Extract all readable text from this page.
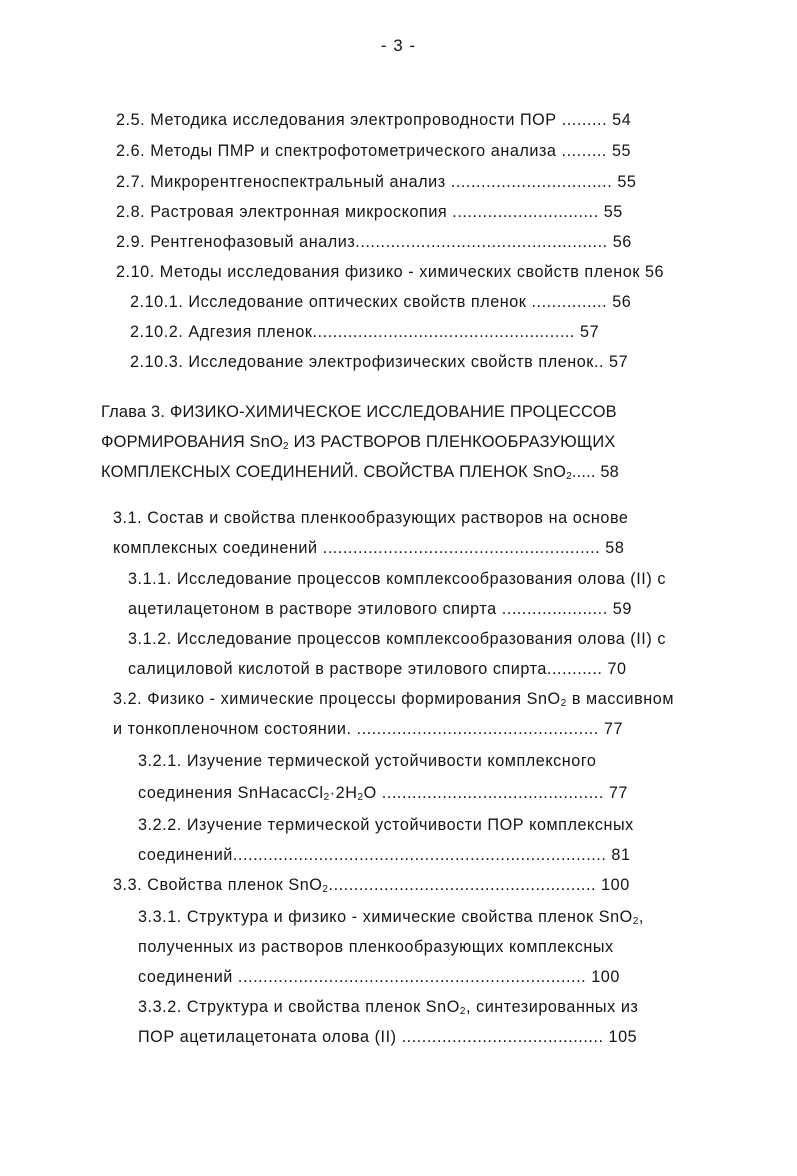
- 3 -
2.5. Методика исследования электропроводности ПОР ......... 54
2.6. Методы ПМР и спектрофотометрического анализа ......... 55
2.7. Микрорентгеноспектральный анализ ................................ 55
2.8. Растровая электронная микроскопия ............................. 55
2.9. Рентгенофазовый анализ.................................................. 56
2.10. Методы исследования физико - химических свойств пленок 56
2.10.1. Исследование оптических свойств пленок ............... 56
2.10.2. Адгезия пленок.................................................... 57
2.10.3. Исследование электрофизических свойств пленок.. 57
Глава 3. ФИЗИКО-ХИМИЧЕСКОЕ ИССЛЕДОВАНИЕ ПРОЦЕССОВ
ФОРМИРОВАНИЯ SnO$_2$ ИЗ РАСТВОРОВ ПЛЕНКООБРАЗУЮЩИХ
КОМПЛЕКСНЫХ СОЕДИНЕНИЙ. СВОЙСТВА ПЛЕНОК SnO$_2$..... 58
3.1. Состав и свойства пленкообразующих растворов на основе
комплексных соединений ....................................................... 58
3.1.1. Исследование процессов комплексообразования олова (II) с
ацетилацетоном в растворе этилового спирта ..................... 59
3.1.2. Исследование процессов комплексообразования олова (II) с
салициловой кислотой в растворе этилового спирта........... 70
3.2. Физико - химические процессы формирования SnO$_2$ в массивном
и тонкопленочном состоянии. ................................................ 77
3.2.1. Изучение термической устойчивости комплексного
соединения $SnHacacCl_2\cdot 2H_2O$ ............................................ 77
3.2.2. Изучение термической устойчивости ПОР комплексных
соединений.......................................................................... 81
3.3. Свойства пленок SnO$_2$..................................................... 100
3.3.1. Структура и физико - химические свойства пленок SnO$_2$,
полученных из растворов пленкообразующих комплексных
соединений ..................................................................... 100
3.3.2. Структура и свойства пленок SnO$_2$, синтезированных из
ПОР ацетилацетоната олова (II) ........................................ 105
